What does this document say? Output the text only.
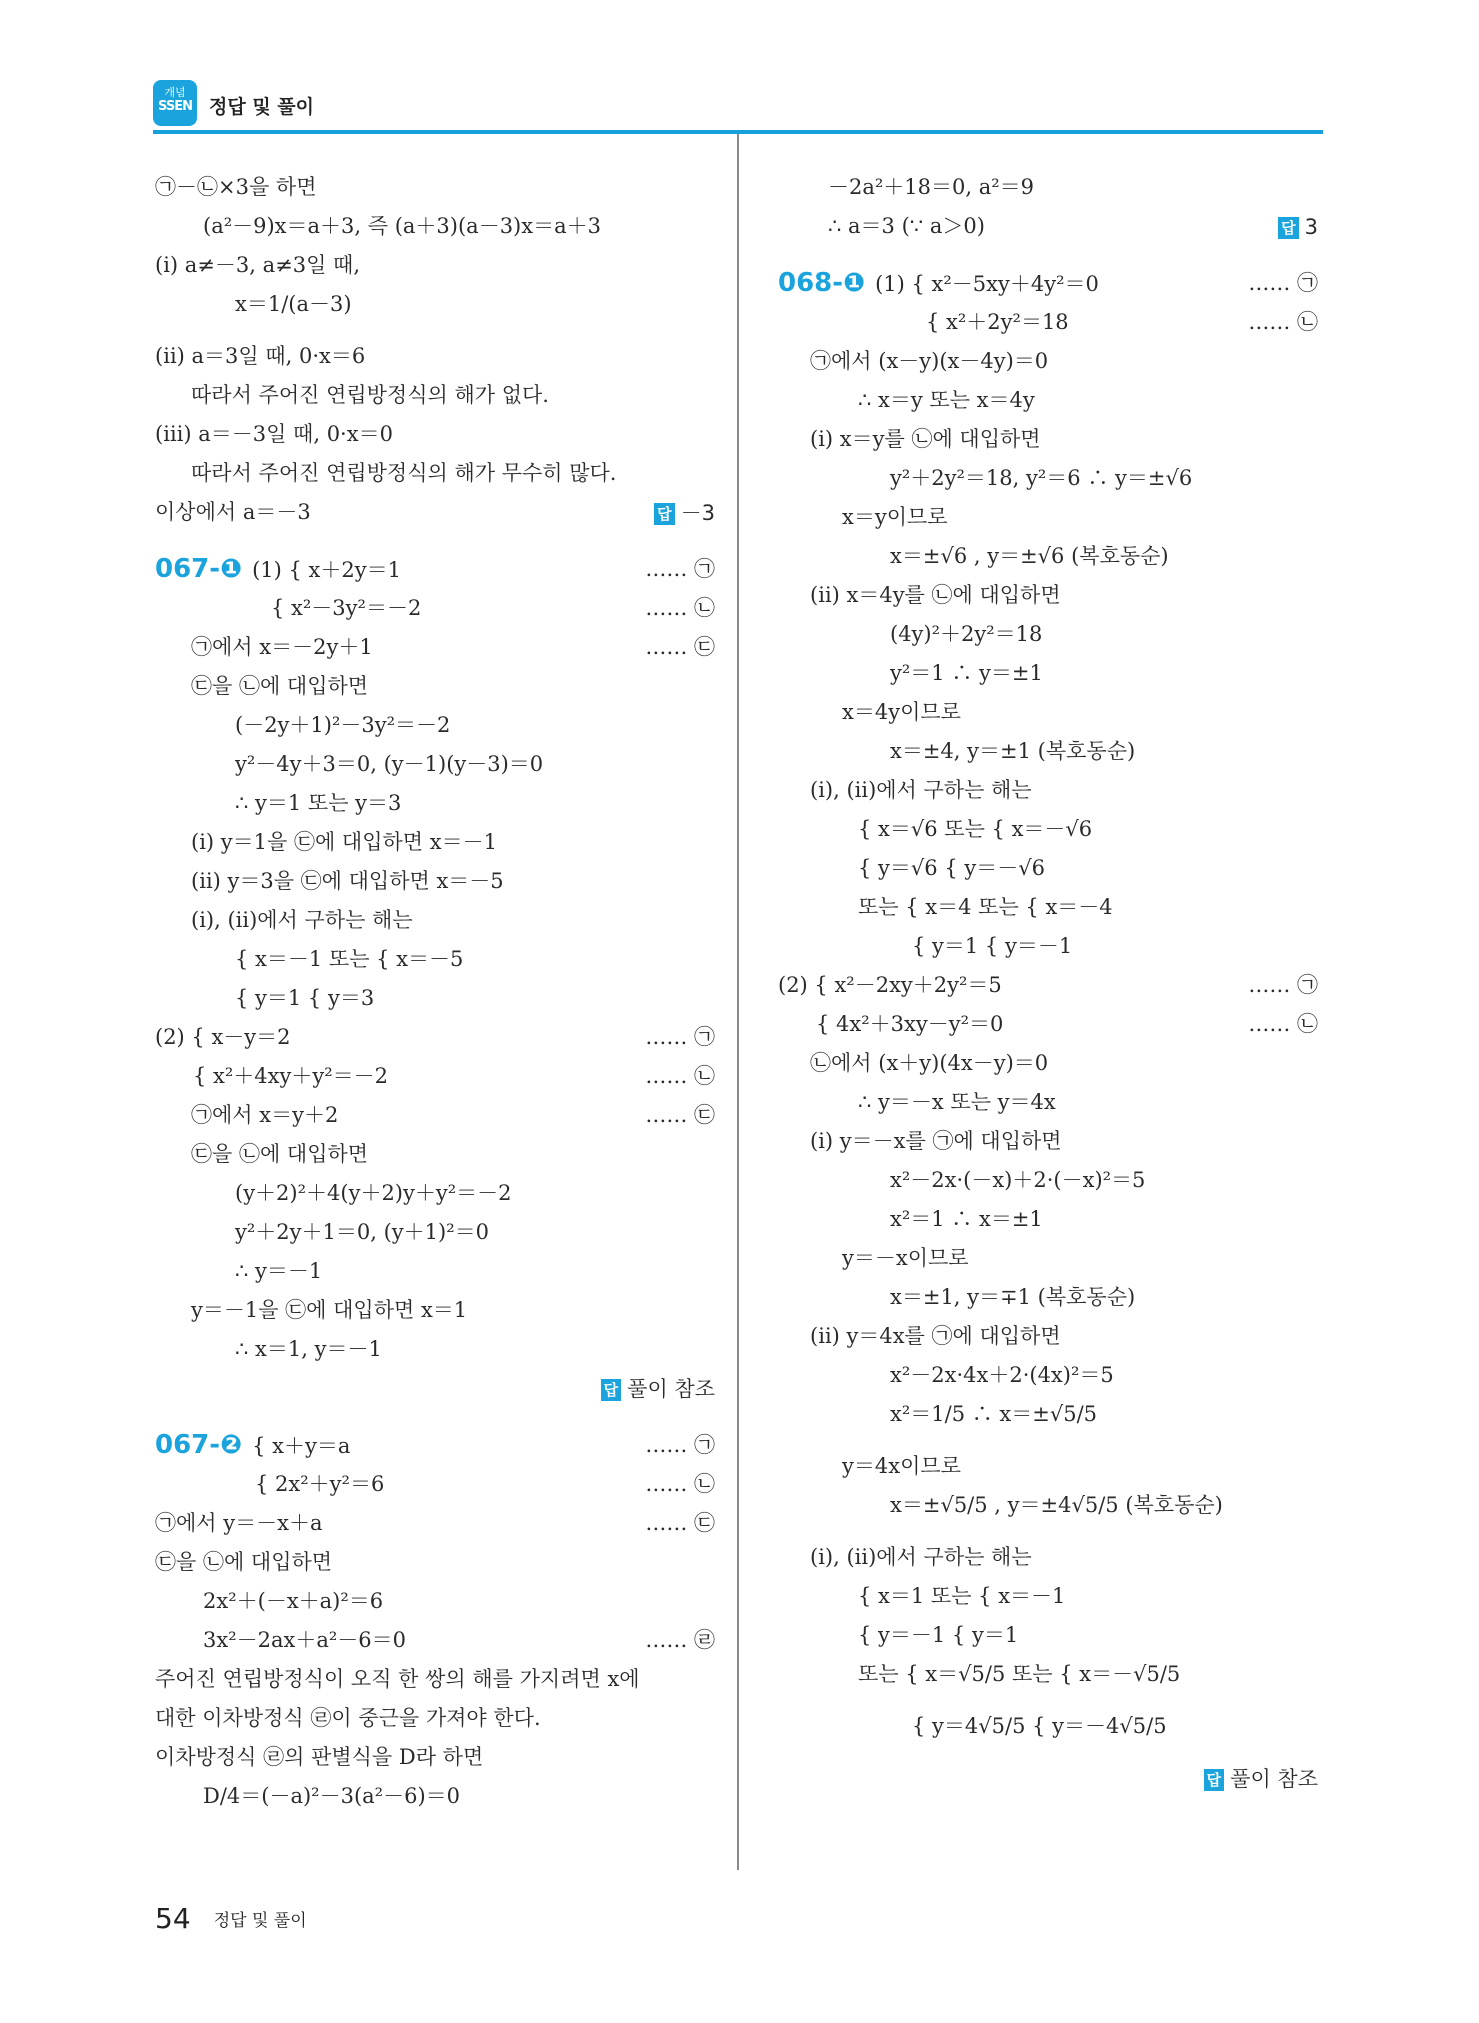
개념
SSEN 정답 및 풀이
㉠－㉡×3을 하면
(a²－9)x＝a＋3, 즉 (a＋3)(a－3)x＝a＋3
(ⅰ) a≠－3, a≠3일 때,
x＝1/(a－3)
(ⅱ) a＝3일 때, 0·x＝6
따라서 주어진 연립방정식의 해가 없다.
(ⅲ) a＝－3일 때, 0·x＝0
따라서 주어진 연립방정식의 해가 무수히 많다.
이상에서 a＝－3	답 －3
067-❶ (1) { x＋2y＝1	…… ㉠
{ x²－3y²＝－2	…… ㉡
㉠에서 x＝－2y＋1	…… ㉢
㉢을 ㉡에 대입하면
(－2y＋1)²－3y²＝－2
y²－4y＋3＝0, (y－1)(y－3)＝0
∴ y＝1 또는 y＝3
(ⅰ) y＝1을 ㉢에 대입하면 x＝－1
(ⅱ) y＝3을 ㉢에 대입하면 x＝－5
(ⅰ), (ⅱ)에서 구하는 해는
{ x＝－1 또는 { x＝－5
{ y＝1 { y＝3
(2) { x－y＝2	…… ㉠
{ x²＋4xy＋y²＝－2	…… ㉡
㉠에서 x＝y＋2	…… ㉢
㉢을 ㉡에 대입하면
(y＋2)²＋4(y＋2)y＋y²＝－2
y²＋2y＋1＝0, (y＋1)²＝0
∴ y＝－1
y＝－1을 ㉢에 대입하면 x＝1
∴ x＝1, y＝－1
답 풀이 참조
067-❷ { x＋y＝a	…… ㉠
{ 2x²＋y²＝6	…… ㉡
㉠에서 y＝－x＋a	…… ㉢
㉢을 ㉡에 대입하면
2x²＋(－x＋a)²＝6
3x²－2ax＋a²－6＝0	…… ㉣
주어진 연립방정식이 오직 한 쌍의 해를 가지려면 x에
대한 이차방정식 ㉣이 중근을 가져야 한다.
이차방정식 ㉣의 판별식을 D라 하면
D/4＝(－a)²－3(a²－6)＝0
－2a²＋18＝0, a²＝9
∴ a＝3 (∵ a＞0)	답 3
068-❶ (1) { x²－5xy＋4y²＝0	…… ㉠
{ x²＋2y²＝18	…… ㉡
㉠에서 (x－y)(x－4y)＝0
∴ x＝y 또는 x＝4y
(ⅰ) x＝y를 ㉡에 대입하면
y²＋2y²＝18, y²＝6 ∴ y＝±√6
x＝y이므로
x＝±√6 , y＝±√6 (복호동순)
(ⅱ) x＝4y를 ㉡에 대입하면
(4y)²＋2y²＝18
y²＝1 ∴ y＝±1
x＝4y이므로
x＝±4, y＝±1 (복호동순)
(ⅰ), (ⅱ)에서 구하는 해는
{ x＝√6 또는 { x＝－√6
{ y＝√6 { y＝－√6
또는 { x＝4 또는 { x＝－4
{ y＝1 { y＝－1
(2) { x²－2xy＋2y²＝5	…… ㉠
{ 4x²＋3xy－y²＝0	…… ㉡
㉡에서 (x＋y)(4x－y)＝0
∴ y＝－x 또는 y＝4x
(ⅰ) y＝－x를 ㉠에 대입하면
x²－2x·(－x)＋2·(－x)²＝5
x²＝1 ∴ x＝±1
y＝－x이므로
x＝±1, y＝∓1 (복호동순)
(ⅱ) y＝4x를 ㉠에 대입하면
x²－2x·4x＋2·(4x)²＝5
x²＝1/5 ∴ x＝±√5/5
y＝4x이므로
x＝±√5/5 , y＝±4√5/5 (복호동순)
(ⅰ), (ⅱ)에서 구하는 해는
{ x＝1 또는 { x＝－1
{ y＝－1 { y＝1
또는 { x＝√5/5 또는 { x＝－√5/5
{ y＝4√5/5 { y＝－4√5/5
답 풀이 참조
54 정답 및 풀이
